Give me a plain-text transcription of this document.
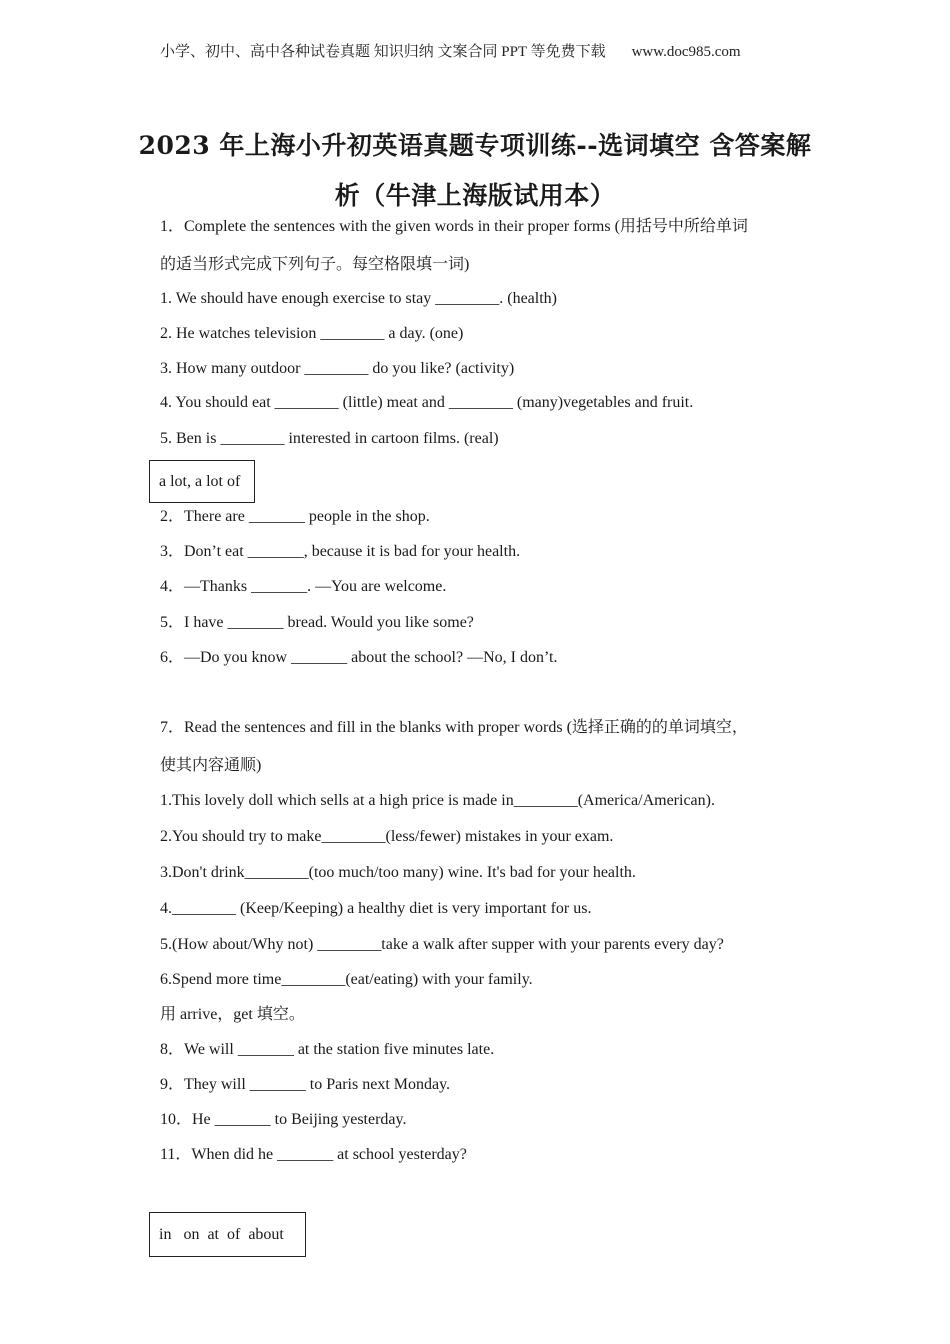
小学、初中、高中各种试卷真题 知识归纳 文案合同 PPT 等免费下载 www.doc985.com
2023 年上海小升初英语真题专项训练--选词填空 含答案解
析（牛津上海版试用本）
1．Complete the sentences with the given words in their proper forms (用括号中所给单词
的适当形式完成下列句子。每空格限填一词)
1. We should have enough exercise to stay ________. (health)
2. He watches television ________ a day. (one)
3. How many outdoor ________ do you like? (activity)
4. You should eat ________ (little) meat and ________ (many)vegetables and fruit.
5. Ben is ________ interested in cartoon films. (real)
a lot, a lot of
2．There are _______ people in the shop.
3．Don’t eat _______, because it is bad for your health.
4．—Thanks _______. —You are welcome.
5．I have _______ bread. Would you like some?
6．—Do you know _______ about the school? —No, I don’t.
7．Read the sentences and fill in the blanks with proper words (选择正确的的单词填空，
使其内容通顺)
1.This lovely doll which sells at a high price is made in________(America/American).
2.You should try to make________(less/fewer) mistakes in your exam.
3.Don't drink________(too much/too many) wine. It's bad for your health.
4.________ (Keep/Keeping) a healthy diet is very important for us.
5.(How about/Why not) ________take a walk after supper with your parents every day?
6.Spend more time________(eat/eating) with your family.
用 arrive，get 填空。
8．We will _______ at the station five minutes late.
9．They will _______ to Paris next Monday.
10．He _______ to Beijing yesterday.
11．When did he _______ at school yesterday?
in   on  at  of  about
